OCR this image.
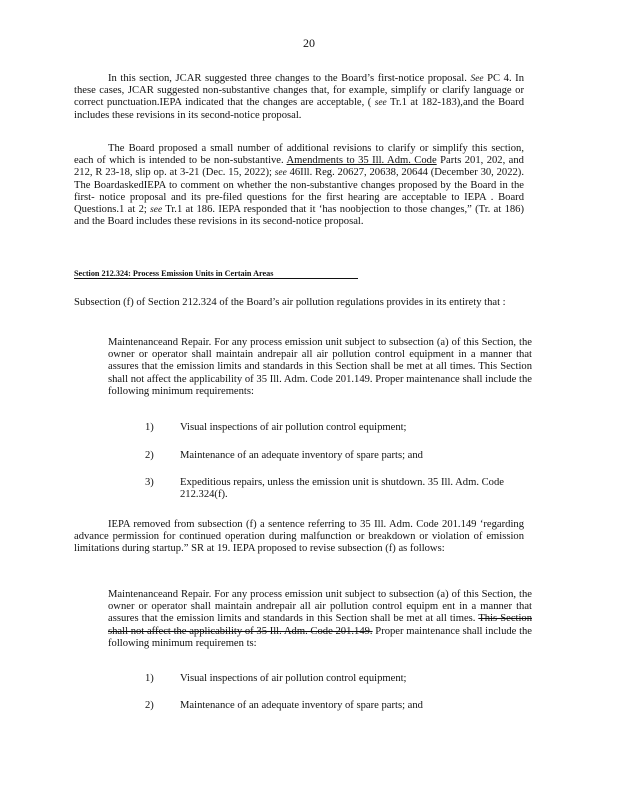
20
In this section, JCAR suggested three changes to the Board’s first-notice proposal. See PC 4. In these cases, JCAR suggested non-substantive changes that, for example, simplify or clarify language or correct punctuation.IEPA indicated that the changes are acceptable, ( see Tr.1 at 182-183),and the Board includes these revisions in its second-notice proposal.
The Board proposed a small number of additional revisions to clarify or simplify this section, each of which is intended to be non-substantive. Amendments to 35 Ill. Adm. Code Parts 201, 202, and 212, R 23-18, slip op. at 3-21 (Dec. 15, 2022); see 46Ill. Reg. 20627, 20638, 20644 (December 30, 2022). The BoardaskedIEPA to comment on whether the non-substantive changes proposed by the Board in the first- notice proposal and its pre-filed questions for the first hearing are acceptable to IEPA . Board Questions.1 at 2; see Tr.1 at 186. IEPA responded that it ‘has noobjection to those changes,” (Tr. at 186) and the Board includes these revisions in its second-notice proposal.
Section 212.324: Process Emission Units in Certain Areas
Subsection (f) of Section 212.324 of the Board’s air pollution regulations provides in its entirety that :
Maintenanceand Repair. For any process emission unit subject to subsection (a) of this Section, the owner or operator shall maintain andrepair all air pollution control equipment in a manner that assures that the emission limits and standards in this Section shall be met at all times. This Section shall not affect the applicability of 35 Ill. Adm. Code 201.149. Proper maintenance shall include the following minimum requirements:
1)	Visual inspections of air pollution control equipment;
2)	Maintenance of an adequate inventory of spare parts; and
3)	Expeditious repairs, unless the emission unit is shutdown. 35 Ill. Adm. Code 212.324(f).
IEPA removed from subsection (f) a sentence referring to 35 Ill. Adm. Code 201.149 ‘regarding advance permission for continued operation during malfunction or breakdown or violation of emission limitations during startup.” SR at 19. IEPA proposed to revise subsection (f) as follows:
Maintenanceand Repair. For any process emission unit subject to subsection (a) of this Section, the owner or operator shall maintain andrepair all air pollution control equipm ent in a manner that assures that the emission limits and standards in this Section shall be met at all times. This Section shall not affect the applicability of 35 Ill. Adm. Code 201.149. Proper maintenance shall include the following minimum requiremen ts:
1)	Visual inspections of air pollution control equipment;
2)	Maintenance of an adequate inventory of spare parts; and
